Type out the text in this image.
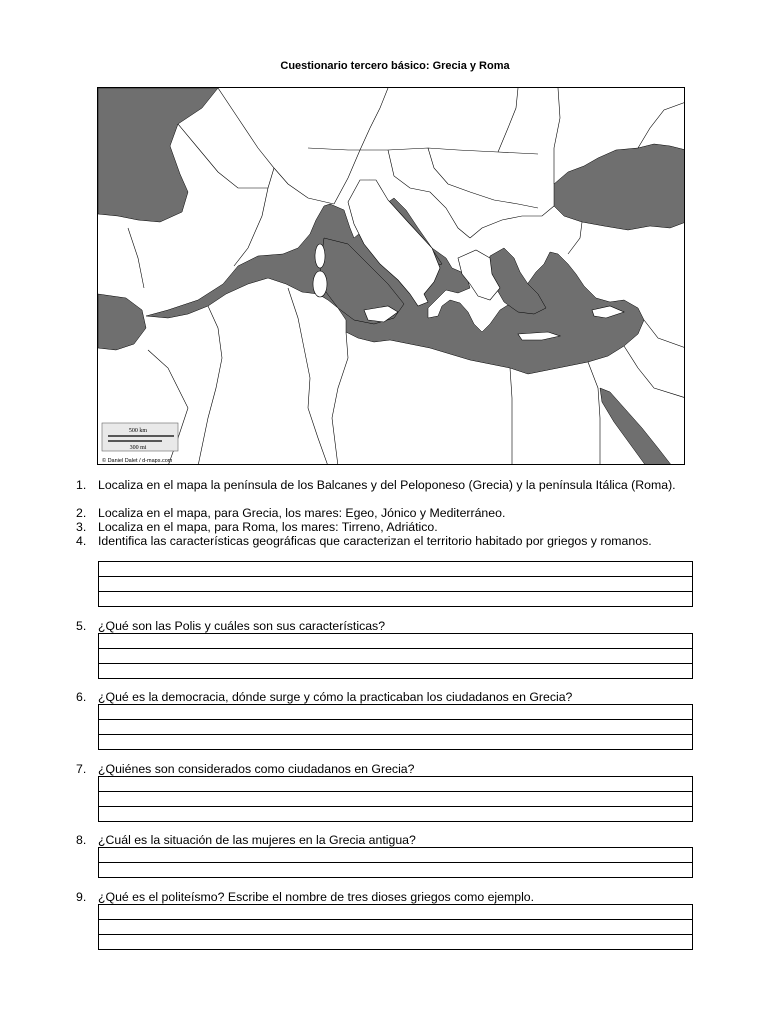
Cuestionario tercero básico: Grecia y Roma
500 km
300 mi
© Daniel Dalet / d-maps.com
1. Localiza en el mapa la península de los Balcanes y del Peloponeso (Grecia) y la península Itálica (Roma).
2. Localiza en el mapa, para Grecia, los mares: Egeo, Jónico y Mediterráneo.
3. Localiza en el mapa, para Roma, los mares: Tirreno, Adriático.
4. Identifica las características geográficas que caracterizan el territorio habitado por griegos y romanos.
5. ¿Qué son las Polis y cuáles son sus características?
6. ¿Qué es la democracia, dónde surge y cómo la practicaban los ciudadanos en Grecia?
7. ¿Quiénes son considerados como ciudadanos en Grecia?
8. ¿Cuál es la situación de las mujeres en la Grecia antigua?
9. ¿Qué es el politeísmo? Escribe el nombre de tres dioses griegos como ejemplo.
